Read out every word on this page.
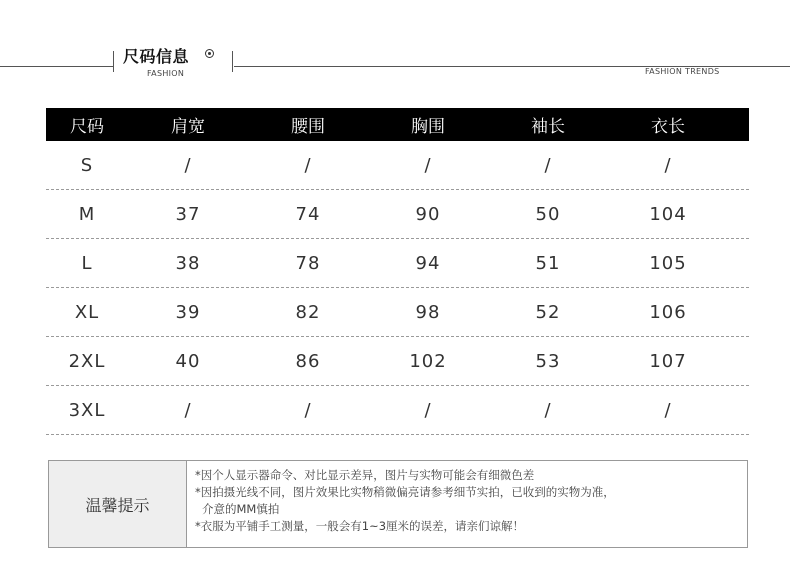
尺码信息
FASHION	FASHION TRENDS
尺码	肩宽	腰围	胸围	袖长	衣长
S	/	/	/	/	/
M	37	74	90	50	104
L	38	78	94	51	105
XL	39	82	98	52	106
2XL	40	86	102	53	107
3XL	/	/	/	/	/
温馨提示
*因个人显示器命令、对比显示差异，图片与实物可能会有细微色差
*因拍摄光线不同，图片效果比实物稍微偏亮请参考细节实拍，已收到的实物为准，
介意的MM慎拍
*衣服为平铺手工测量，一般会有1~3厘米的误差，请亲们谅解！
